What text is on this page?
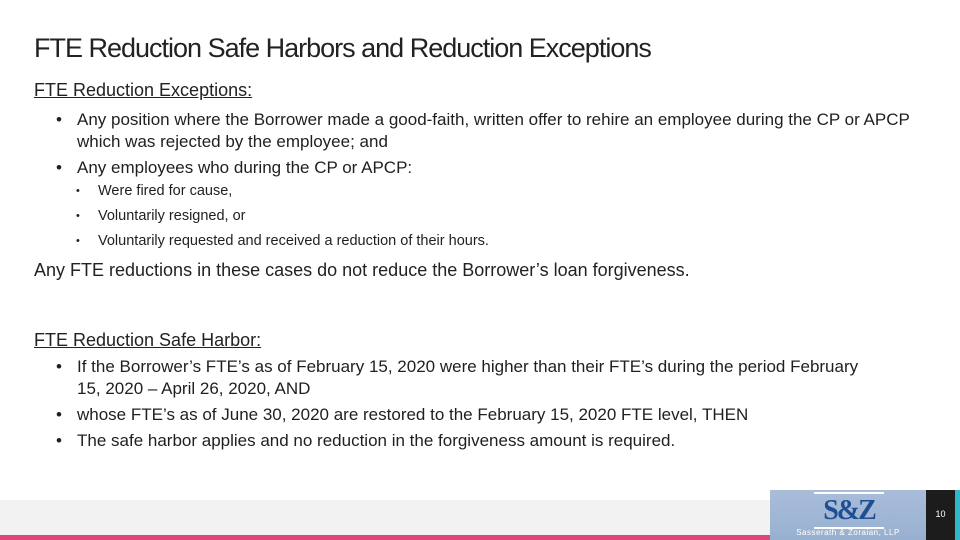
FTE Reduction Safe Harbors and Reduction Exceptions
FTE Reduction Exceptions:
• Any position where the Borrower made a good-faith, written offer to rehire an employee during the CP or APCP which was rejected by the employee; and
• Any employees who during the CP or APCP:
• Were fired for cause,
• Voluntarily resigned, or
• Voluntarily requested and received a reduction of their hours.
Any FTE reductions in these cases do not reduce the Borrower’s loan forgiveness.
FTE Reduction Safe Harbor:
• If the Borrower’s FTE’s as of February 15, 2020 were higher than their FTE’s during the period February 15, 2020 – April 26, 2020, AND
• whose FTE’s as of June 30, 2020 are restored to the February 15, 2020 FTE level, THEN
• The safe harbor applies and no reduction in the forgiveness amount is required.
S&Z
Sasserath & Zoraian, LLP
10
